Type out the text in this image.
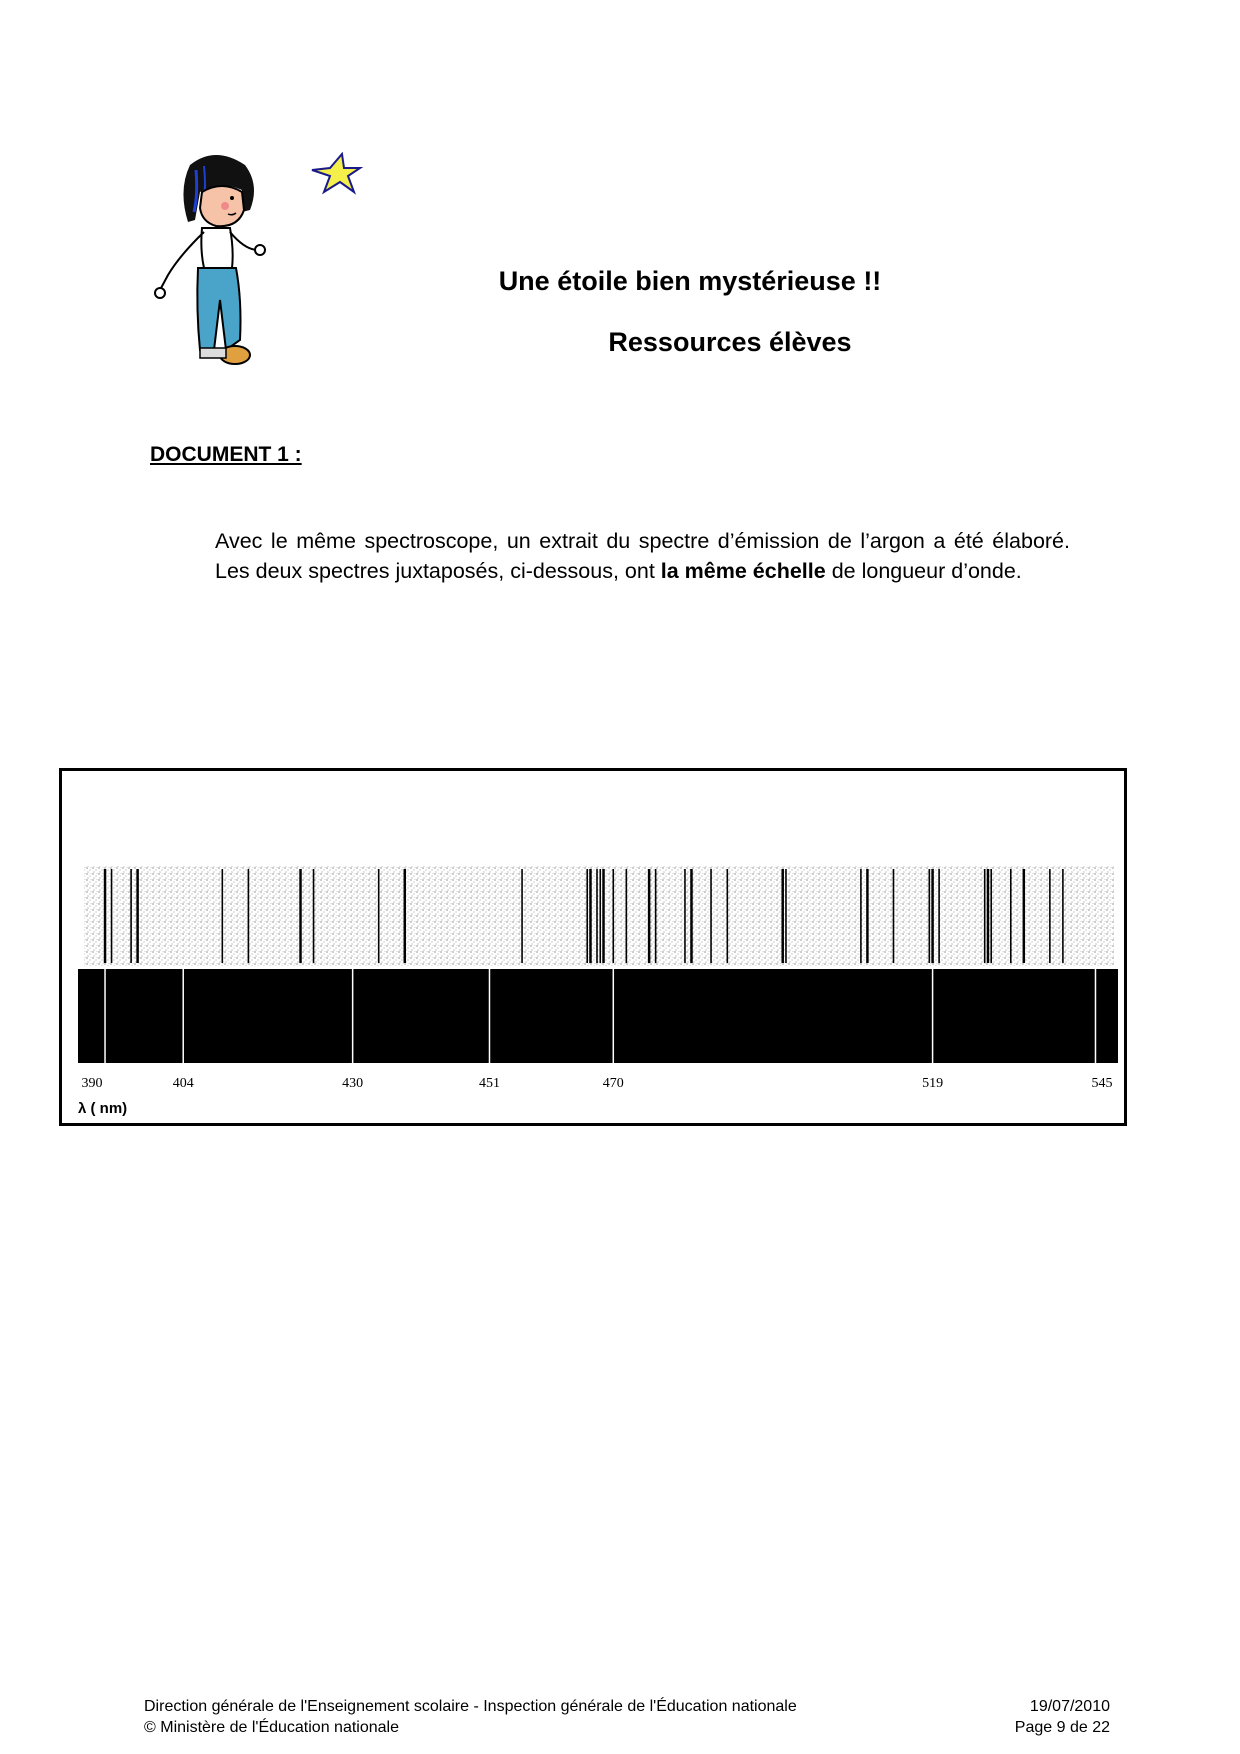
Une étoile bien mystérieuse !!
Ressources élèves
DOCUMENT 1 :
Avec le même spectroscope, un extrait du spectre d’émission de l’argon a été élaboré. Les deux spectres juxtaposés, ci-dessous, ont la même échelle de longueur d’onde.
390	404	430	451	470	519	545
λ ( nm)
Direction générale de l'Enseignement scolaire - Inspection générale de l'Éducation nationale
© Ministère de l'Éducation nationale
19/07/2010
Page 9 de 22
